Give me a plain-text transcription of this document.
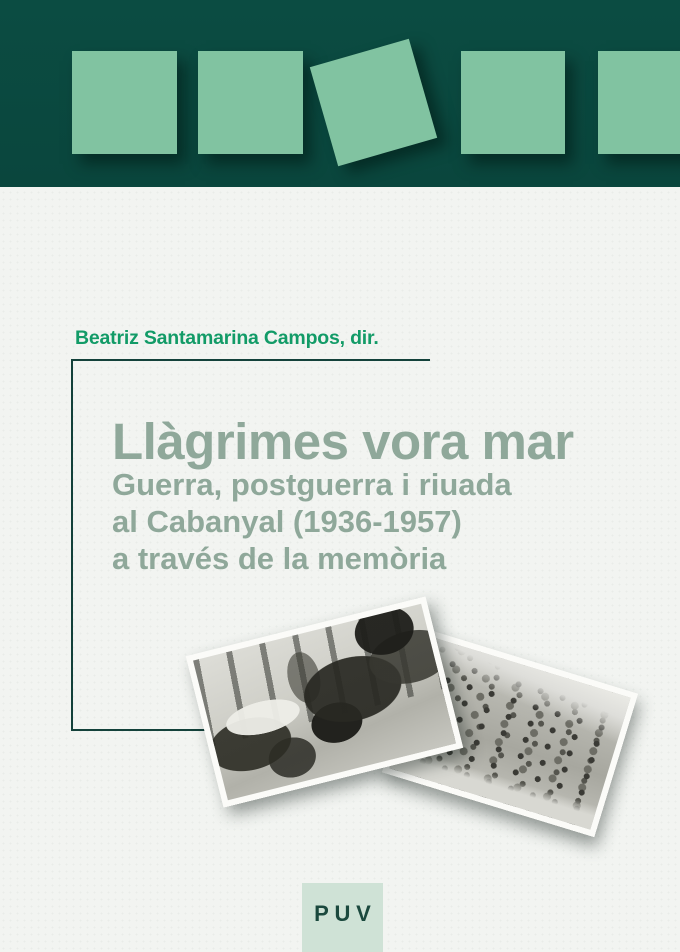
Beatriz Santamarina Campos, dir.
Llàgrimes vora mar
Guerra, postguerra i riuada
al Cabanyal (1936-1957)
a través de la memòria
PUV
